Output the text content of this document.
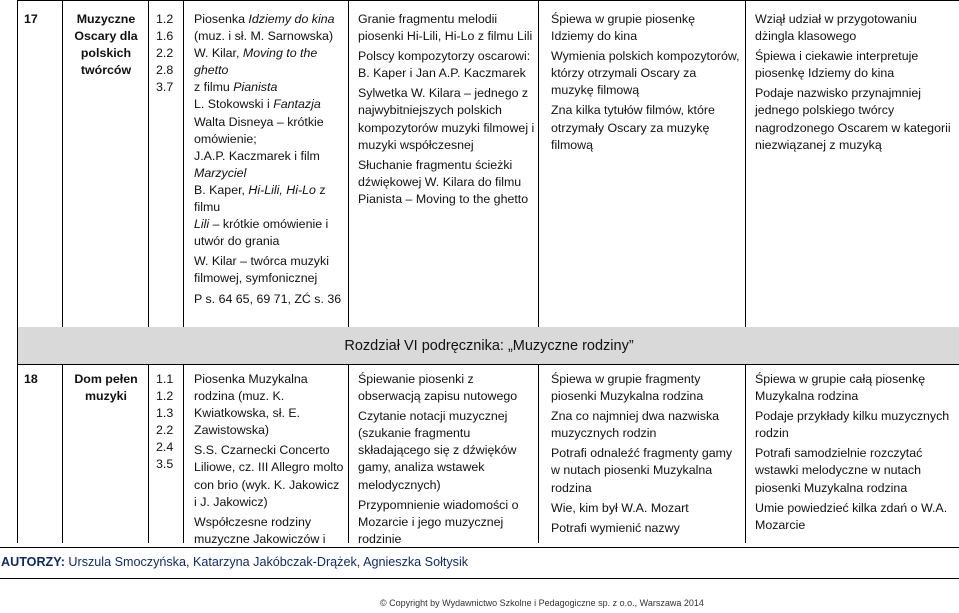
17	Muzyczne
Oscary dla
polskich
twórców
1.2
1.6
2.2
2.8
3.7
Piosenka Idziemy do kina
(muz. i sł. M. Sarnowska)
W. Kilar, Moving to the ghetto
z filmu Pianista
L. Stokowski i Fantazja
Walta Disneya – krótkie omówienie;
J.A.P. Kaczmarek i film Marzyciel
B. Kaper, Hi-Lili, Hi-Lo z filmu
Lili – krótkie omówienie i utwór do grania
W. Kilar – twórca muzyki filmowej, symfonicznej
P s. 64 65, 69 71, ZĆ s. 36

Granie fragmentu melodii piosenki Hi-Lili, Hi-Lo z filmu Lili

Polscy kompozytorzy oscarowi: B. Kaper i Jan A.P. Kaczmarek

Sylwetka W. Kilara – jednego z najwybitniejszych polskich kompozytorów muzyki filmowej i muzyki współczesnej

Słuchanie fragmentu ścieżki dźwiękowej W. Kilara do filmu Pianista – Moving to the ghetto

Śpiewa w grupie piosenkę Idziemy do kina

Wymienia polskich kompozytorów, którzy otrzymali Oscary za muzykę filmową

Zna kilka tytułów filmów, które otrzymały Oscary za muzykę filmową

Wziął udział w przygotowaniu dżingla klasowego

Śpiewa i ciekawie interpretuje piosenkę Idziemy do kina

Podaje nazwisko przynajmniej jednego polskiego twórcy nagrodzonego Oscarem w kategorii niezwiązanej z muzyką

Rozdział VI podręcznika: „Muzyczne rodziny”
18	Dom pełen
muzyki
1.1
1.2
1.3
2.2
2.4
3.5

Piosenka Muzykalna rodzina (muz. K. Kwiatkowska, sł. E. Zawistowska)

S.S. Czarnecki Concerto Liliowe, cz. III Allegro molto con brio (wyk. K. Jakowicz i J. Jakowicz)

Współczesne rodziny muzyczne Jakowiczów i

Śpiewanie piosenki z obserwacją zapisu nutowego

Czytanie notacji muzycznej (szukanie fragmentu składającego się z dźwięków gamy, analiza wstawek melodycznych)

Przypomnienie wiadomości o Mozarcie i jego muzycznej rodzinie

Śpiewa w grupie fragmenty piosenki Muzykalna rodzina

Zna co najmniej dwa nazwiska muzycznych rodzin

Potrafi odnaleźć fragmenty gamy w nutach piosenki Muzykalna rodzina

Wie, kim był W.A. Mozart

Potrafi wymienić nazwy

Śpiewa w grupie całą piosenkę Muzykalna rodzina

Podaje przykłady kilku muzycznych rodzin

Potrafi samodzielnie rozczytać wstawki melodyczne w nutach piosenki Muzykalna rodzina

Umie powiedzieć kilka zdań o W.A. Mozarcie

AUTORZY: Urszula Smoczyńska, Katarzyna Jakóbczak-Drążek, Agnieszka Sołtysik
© Copyright by Wydawnictwo Szkolne i Pedagogiczne sp. z o.o., Warszawa 2014
